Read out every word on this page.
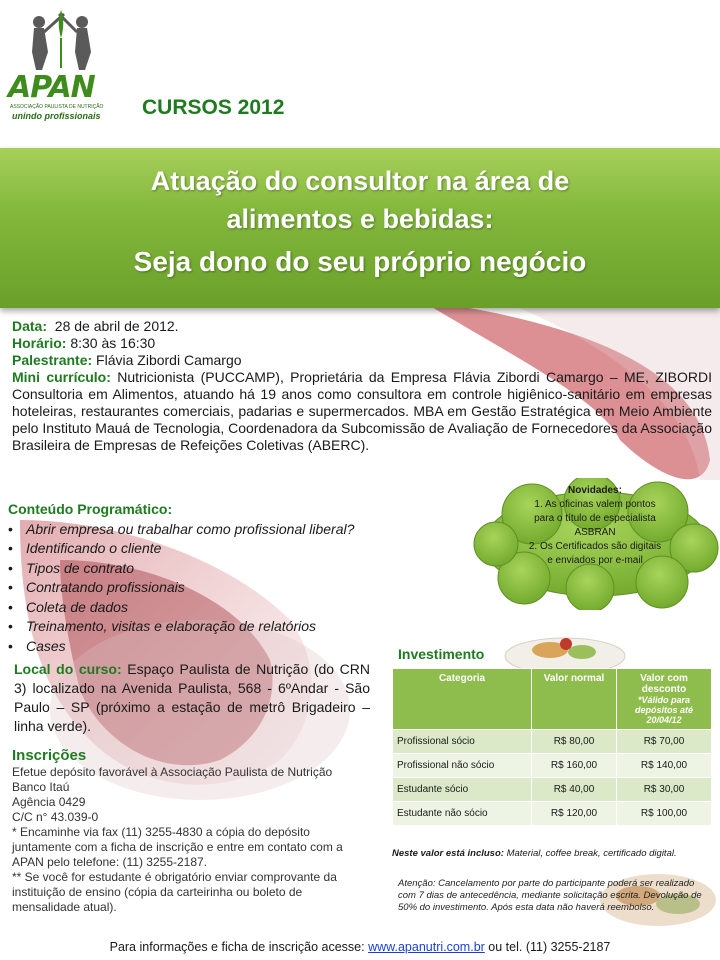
APAN
ASSOCIAÇÃO PAULISTA DE NUTRIÇÃO
unindo profissionais CURSOS 2012
Atuação do consultor na área de
alimentos e bebidas:
Seja dono do seu próprio negócio
Data: 28 de abril de 2012.
Horário: 8:30 às 16:30
Palestrante: Flávia Zibordi Camargo
Mini currículo: Nutricionista (PUCCAMP), Proprietária da Empresa Flávia Zibordi Camargo – ME, ZIBORDI Consultoria em Alimentos, atuando há 19 anos como consultora em controle higiênico-sanitário em empresas hoteleiras, restaurantes comerciais, padarias e supermercados. MBA em Gestão Estratégica em Meio Ambiente pelo Instituto Mauá de Tecnologia, Coordenadora da Subcomissão de Avaliação de Fornecedores da Associação Brasileira de Empresas de Refeições Coletivas (ABERC).
Conteúdo Programático:
• Abrir empresa ou trabalhar como profissional liberal?
• Identificando o cliente
• Tipos de contrato
• Contratando profissionais
• Coleta de dados
• Treinamento, visitas e elaboração de relatórios
• Cases
Novidades:
1. As oficinas valem pontos
para o título de especialista
ASBRAN
2. Os Certificados são digitais
e enviados por e-mail
Local do curso: Espaço Paulista de Nutrição (do CRN 3) localizado na Avenida Paulista, 568 - 6ºAndar - São Paulo – SP (próximo a estação de metrô Brigadeiro – linha verde).
Inscrições
Efetue depósito favorável à Associação Paulista de Nutrição
Banco Itaú
Agência 0429
C/C n° 43.039-0
* Encaminhe via fax (11) 3255-4830 a cópia do depósito juntamente com a ficha de inscrição e entre em contato com a APAN pelo telefone: (11) 3255-2187.
** Se você for estudante é obrigatório enviar comprovante da instituição de ensino (cópia da carteirinha ou boleto de mensalidade atual).
Investimento
Categoria	Valor normal	Valor com desconto
*Válido para depósitos até 20/04/12

Profissional sócio	R$ 80,00	R$ 70,00
Profissional não sócio	R$ 160,00	R$ 140,00
Estudante sócio	R$ 40,00	R$ 30,00
Estudante não sócio	R$ 120,00	R$ 100,00
Neste valor está incluso: Material, coffee break, certificado digital.
Atenção: Cancelamento por parte do participante poderá ser realizado com 7 dias de antecedência, mediante solicitação escrita. Devolução de 50% do investimento. Após esta data não haverá reembolso.
Para informações e ficha de inscrição acesse: www.apanutri.com.br ou tel. (11) 3255-2187
